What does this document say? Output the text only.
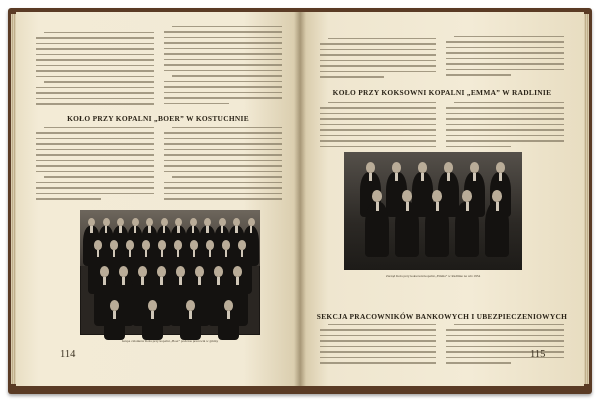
KOŁO PRZY KOPALNI „BOER” W KOSTUCHNIE
Grupa członków Koła przy kopalni „Boer” podczas pracowni w gminy
114
KOŁO PRZY KOKSOWNI KOPALNI „EMMA” W RADLINIE
Zarząd Koła przy koksowni kopalni „Emma” w Radlinie na wiś 1934
SEKCJA PRACOWNIKÓW BANKOWYCH I UBEZPIECZENIOWYCH
115
